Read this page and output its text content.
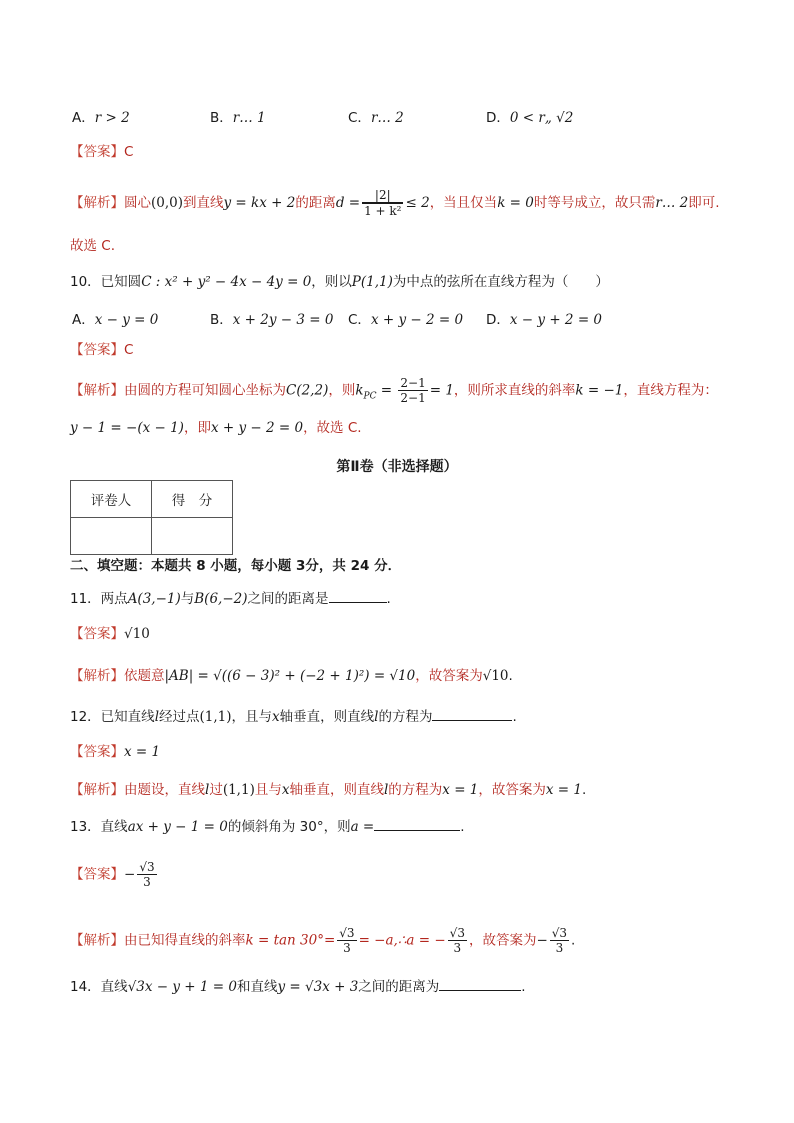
A．r > 2	B．r… 1	C．r… 2	D．0 < r„ √2
【答案】C
【解析】圆心(0,0)到直线y = kx + 2的距离$d = \frac{|2|}{\text{1 + k²}} \le 2$，当且仅当k = 0时等号成立，故只需r… 2即可.
故选 C.
10．已知圆C : x² + y² − 4x − 4y = 0，则以P(1,1)为中点的弦所在直线方程为（　　）
A．x − y = 0	B．x + 2y − 3 = 0 C．x + y − 2 = 0 D．x − y + 2 = 0
【答案】C
【解析】由圆的方程可知圆心坐标为C(2,2)，则$k_{PC} = \frac{2-1}{2-1} = 1$，则所求直线的斜率k = −1，直线方程为：
y − 1 = −(x − 1)，即x + y − 2 = 0，故选 C.
第Ⅱ卷（非选择题）
评卷人	得　分

二、填空题：本题共 8 小题，每小题 3分，共 24 分．
11．两点A(3,−1)与B(6,−2)之间的距离是	.
【答案】√10
【解析】依题意|AB| = √((6 − 3)² + (−2 + 1)²) = √10，故答案为√10.
12．已知直线l经过点(1,1)，且与x轴垂直，则直线l的方程为	.
【答案】x = 1
【解析】由题设，直线l过(1,1)且与x轴垂直，则直线l的方程为x = 1，故答案为x = 1.
13．直线ax + y − 1 = 0的倾斜角为 30°，则a =	.
【答案】− $\frac{√3}{3}$
【解析】由已知得直线的斜率$k = \tan 30^\circ= \frac{√3}{3}$ = −a,∴a = − $\frac{√3}{3}$ ，故答案为− $\frac{√3}{3}$ .
14．直线√3x − y + 1 = 0和直线y = √3x + 3之间的距离为	.
